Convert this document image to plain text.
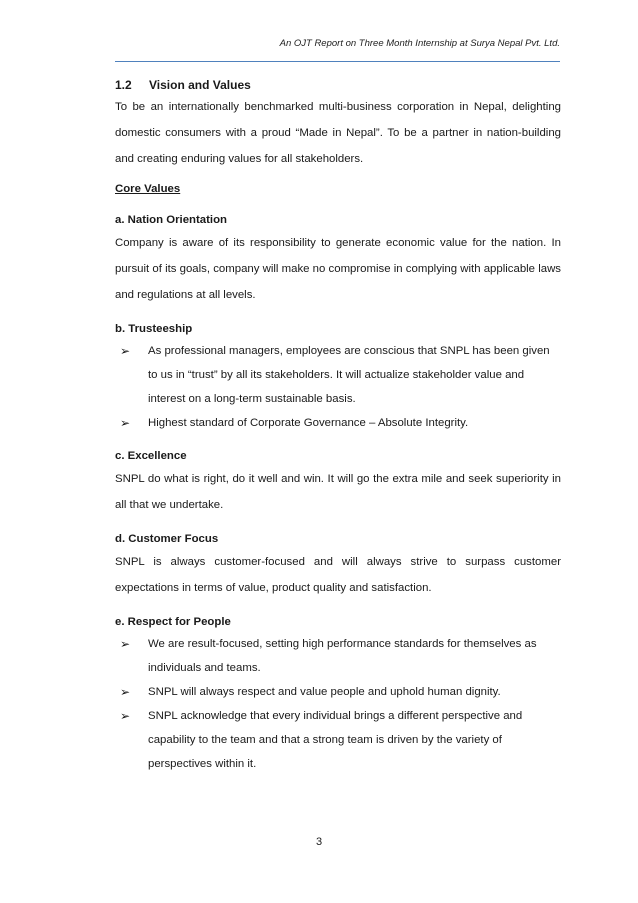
An OJT Report on Three Month Internship at Surya Nepal Pvt. Ltd.
1.2 Vision and Values

To be an internationally benchmarked multi-business corporation in Nepal, delighting domestic consumers with a proud “Made in Nepal”. To be a partner in nation-building and creating enduring values for all stakeholders.

Core Values
a. Nation Orientation

Company is aware of its responsibility to generate economic value for the nation. In pursuit of its goals, company will make no compromise in complying with applicable laws and regulations at all levels.

b. Trusteeship
➢ As professional managers, employees are conscious that SNPL has been given to us in “trust” by all its stakeholders. It will actualize stakeholder value and interest on a long-term sustainable basis.
➢ Highest standard of Corporate Governance – Absolute Integrity.
c. Excellence

SNPL do what is right, do it well and win. It will go the extra mile and seek superiority in all that we undertake.

d. Customer Focus

SNPL is always customer-focused and will always strive to surpass customer expectations in terms of value, product quality and satisfaction.

e. Respect for People
➢ We are result-focused, setting high performance standards for themselves as individuals and teams.
➢ SNPL will always respect and value people and uphold human dignity.
➢ SNPL acknowledge that every individual brings a different perspective and capability to the team and that a strong team is driven by the variety of perspectives within it.
3
